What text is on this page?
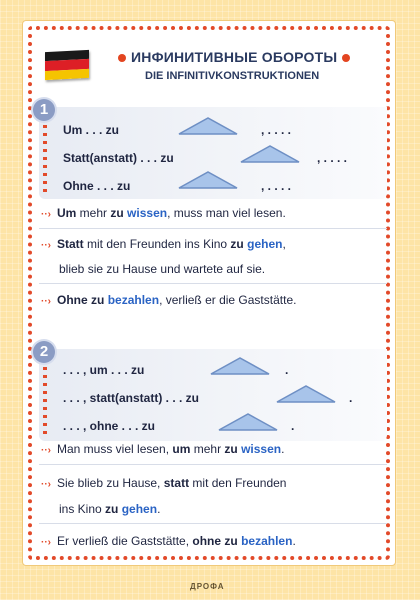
ИНФИНИТИВНЫЕ ОБОРОТЫ
DIE INFINITIVKONSTRUKTIONEN
1
Um . . . zu	, . . . .
Statt(anstatt) . . . zu	, . . . .
Ohne . . . zu	, . . . .
··› Um mehr zu wissen, muss man viel lesen.
··› Statt mit den Freunden ins Kino zu gehen,
blieb sie zu Hause und wartete auf sie.
··› Ohne zu bezahlen, verließ er die Gaststätte.
2
. . . , um . . . zu	.
. . . , statt(anstatt) . . . zu	.
. . . , ohne . . . zu	.
··› Man muss viel lesen, um mehr zu wissen.
··› Sie blieb zu Hause, statt mit den Freunden
ins Kino zu gehen.
··› Er verließ die Gaststätte, ohne zu bezahlen.
ДРОФА
